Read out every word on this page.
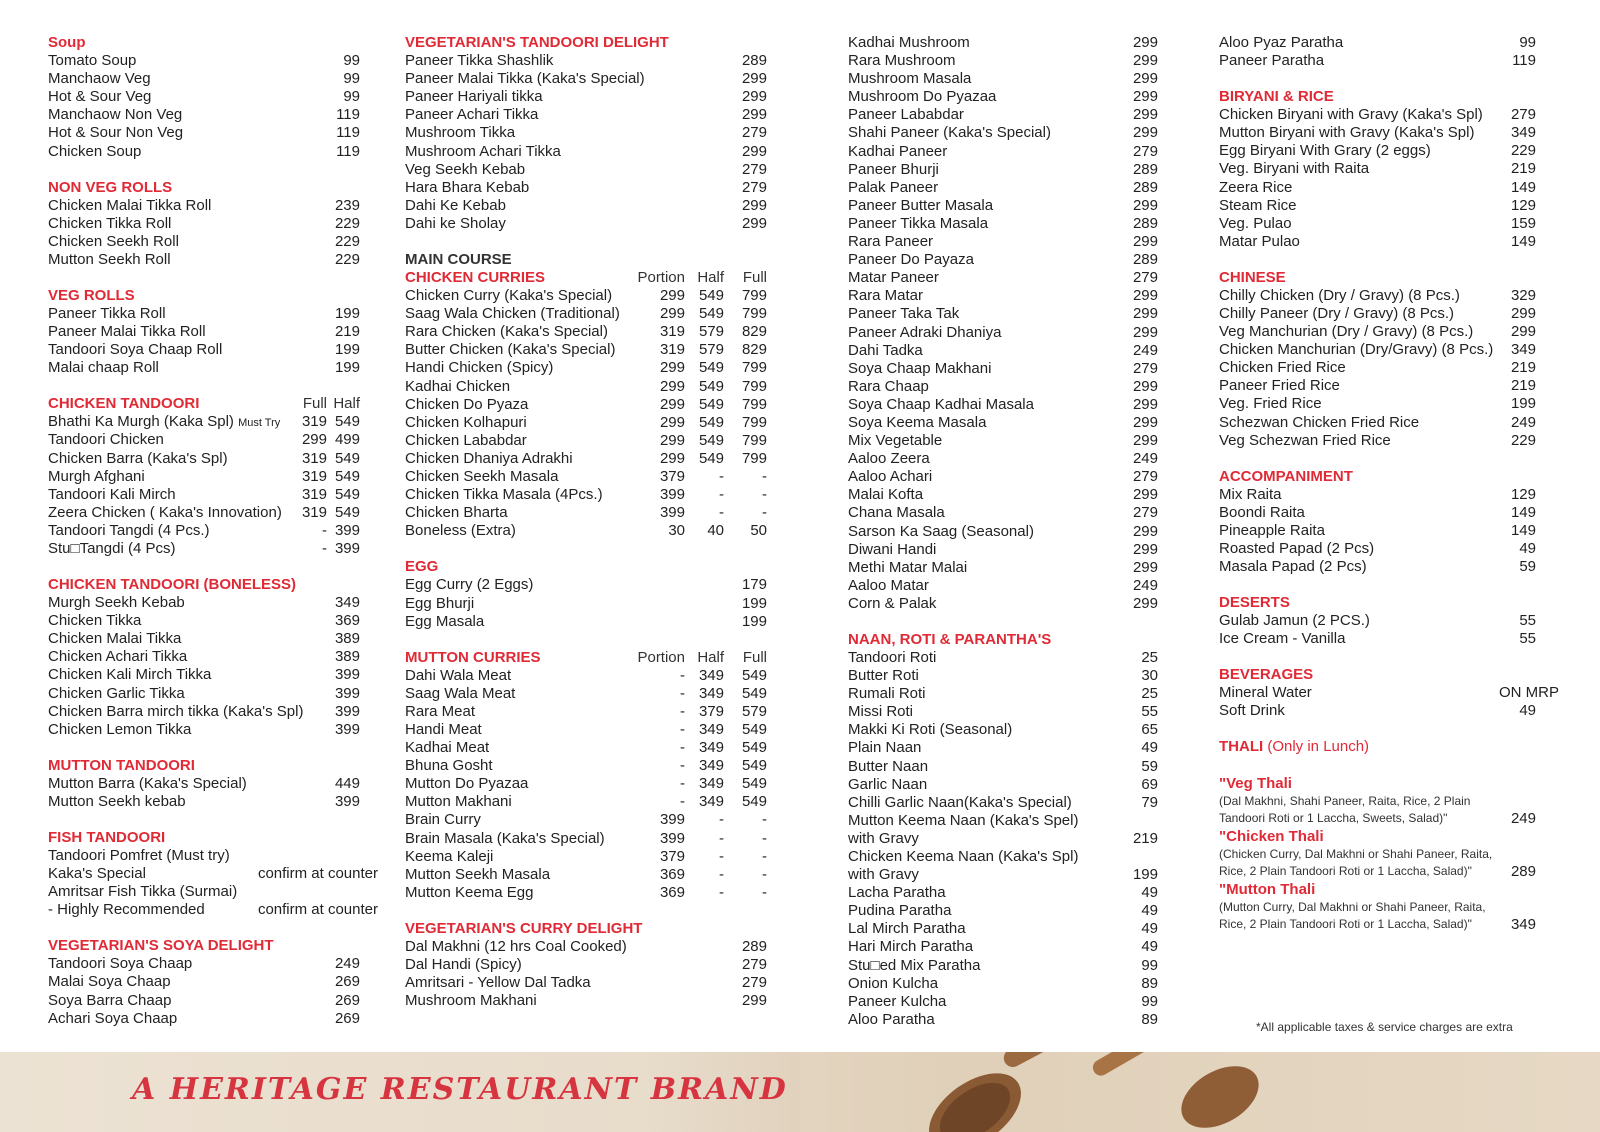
Soup
Tomato Soup	99
Manchaow Veg	99
Hot & Sour Veg	99
Manchaow Non Veg	119
Hot & Sour Non Veg	119
Chicken Soup	119
NON VEG ROLLS
Chicken Malai Tikka Roll	239
Chicken Tikka Roll	229
Chicken Seekh Roll	229
Mutton Seekh Roll	229
VEG ROLLS
Paneer Tikka Roll	199
Paneer Malai Tikka Roll	219
Tandoori Soya Chaap Roll	199
Malai chaap Roll	199
CHICKEN TANDOORI	Full Half
Bhathi Ka Murgh (Kaka Spl) Must Try 319 549
Tandoori Chicken	299 499
Chicken Barra (Kaka's Spl)	319 549
Murgh Afghani	319 549
Tandoori Kali Mirch	319 549
Zeera Chicken ( Kaka's Innovation) 319 549
Tandoori Tangdi (4 Pcs.)	- 399
Stu□Tangdi (4 Pcs)	- 399
CHICKEN TANDOORI (BONELESS)
Murgh Seekh Kebab	349
Chicken Tikka	369
Chicken Malai Tikka	389
Chicken Achari Tikka	389
Chicken Kali Mirch Tikka	399
Chicken Garlic Tikka	399
Chicken Barra mirch tikka (Kaka's Spl) 399
Chicken Lemon Tikka	399
MUTTON TANDOORI
Mutton Barra (Kaka's Special)	449
Mutton Seekh kebab	399
FISH TANDOORI
Tandoori Pomfret (Must try)
Kaka's Special	confirm at counter
Amritsar Fish Tikka (Surmai)
- Highly Recommended	confirm at counter
VEGETARIAN'S SOYA DELIGHT
Tandoori Soya Chaap	249
Malai Soya Chaap	269
Soya Barra Chaap	269
Achari Soya Chaap	269
VEGETARIAN'S TANDOORI DELIGHT
Paneer Tikka Shashlik	289
Paneer Malai Tikka (Kaka's Special)	299
Paneer Hariyali tikka	299
Paneer Achari Tikka	299
Mushroom Tikka	279
Mushroom Achari Tikka	299
Veg Seekh Kebab	279
Hara Bhara Kebab	279
Dahi Ke Kebab	299
Dahi ke Sholay	299
MAIN COURSE
CHICKEN CURRIES	Portion Half Full
Chicken Curry (Kaka's Special)	299 549 799
Saag Wala Chicken (Traditional)	299 549 799
Rara Chicken (Kaka's Special)	319 579 829
Butter Chicken (Kaka's Special)	319 579 829
Handi Chicken (Spicy)	299 549 799
Kadhai Chicken	299 549 799
Chicken Do Pyaza	299 549 799
Chicken Kolhapuri	299 549 799
Chicken Lababdar	299 549 799
Chicken Dhaniya Adrakhi	299 549 799
Chicken Seekh Masala	379 -	-
Chicken Tikka Masala (4Pcs.)	399 -	-
Chicken Bharta	399 -	-
Boneless (Extra)	30 40 50
EGG
Egg Curry (2 Eggs)	179
Egg Bhurji	199
Egg Masala	199
MUTTON CURRIES	Portion Half Full
Dahi Wala Meat	- 349 549
Saag Wala Meat	- 349 549
Rara Meat	- 379 579
Handi Meat	- 349 549
Kadhai Meat	- 349 549
Bhuna Gosht	- 349 549
Mutton Do Pyazaa	- 349 549
Mutton Makhani	- 349 549
Brain Curry	399 -	-
Brain Masala (Kaka's Special)	399 -	-
Keema Kaleji	379 -	-
Mutton Seekh Masala	369 -	-
Mutton Keema Egg	369 -	-
VEGETARIAN'S CURRY DELIGHT
Dal Makhni (12 hrs Coal Cooked)	289
Dal Handi (Spicy)	279
Amritsari - Yellow Dal Tadka	279
Mushroom Makhani	299
Kadhai Mushroom	299
Rara Mushroom	299
Mushroom Masala	299
Mushroom Do Pyazaa	299
Paneer Lababdar	299
Shahi Paneer (Kaka's Special)	299
Kadhai Paneer	279
Paneer Bhurji	289
Palak Paneer	289
Paneer Butter Masala	299
Paneer Tikka Masala	289
Rara Paneer	299
Paneer Do Payaza	289
Matar Paneer	279
Rara Matar	299
Paneer Taka Tak	299
Paneer Adraki Dhaniya	299
Dahi Tadka	249
Soya Chaap Makhani	279
Rara Chaap	299
Soya Chaap Kadhai Masala	299
Soya Keema Masala	299
Mix Vegetable	299
Aaloo Zeera	249
Aaloo Achari	279
Malai Kofta	299
Chana Masala	279
Sarson Ka Saag (Seasonal)	299
Diwani Handi	299
Methi Matar Malai	299
Aaloo Matar	249
Corn & Palak	299
NAAN, ROTI & PARANTHA'S
Tandoori Roti	25
Butter Roti	30
Rumali Roti	25
Missi Roti	55
Makki Ki Roti (Seasonal)	65
Plain Naan	49
Butter Naan	59
Garlic Naan	69
Chilli Garlic Naan(Kaka's Special)	79
Mutton Keema Naan (Kaka's Spel)
with Gravy	219
Chicken Keema Naan (Kaka's Spl)
with Gravy	199
Lacha Paratha	49
Pudina Paratha	49
Lal Mirch Paratha	49
Hari Mirch Paratha	49
Stu□ed Mix Paratha	99
Onion Kulcha	89
Paneer Kulcha	99
Aloo Paratha	89
Aloo Pyaz Paratha	99
Paneer Paratha	119
BIRYANI & RICE
Chicken Biryani with Gravy (Kaka's Spl) 279
Mutton Biryani with Gravy (Kaka's Spl) 349
Egg Biryani With Grary (2 eggs)	229
Veg. Biryani with Raita	219
Zeera Rice	149
Steam Rice	129
Veg. Pulao	159
Matar Pulao	149
CHINESE
Chilly Chicken (Dry / Gravy) (8 Pcs.)	329
Chilly Paneer (Dry / Gravy) (8 Pcs.)	299
Veg Manchurian (Dry / Gravy) (8 Pcs.)	299
Chicken Manchurian (Dry/Gravy) (8 Pcs.) 349
Chicken Fried Rice	219
Paneer Fried Rice	219
Veg. Fried Rice	199
Schezwan Chicken Fried Rice	249
Veg Schezwan Fried Rice	229
ACCOMPANIMENT
Mix Raita	129
Boondi Raita	149
Pineapple Raita	149
Roasted Papad (2 Pcs)	49
Masala Papad (2 Pcs)	59
DESERTS
Gulab Jamun (2 PCS.)	55
Ice Cream - Vanilla	55
BEVERAGES
Mineral Water	ON MRP
Soft Drink	49
THALI (Only in Lunch)
"Veg Thali
(Dal Makhni, Shahi Paneer, Raita, Rice, 2 Plain Tandoori Roti or 1 Laccha, Sweets, Salad)"	249
"Chicken Thali
(Chicken Curry, Dal Makhni or Shahi Paneer, Raita, Rice, 2 Plain Tandoori Roti or 1 Laccha, Salad)"	289
"Mutton Thali
(Mutton Curry, Dal Makhni or Shahi Paneer, Raita, Rice, 2 Plain Tandoori Roti or 1 Laccha, Salad)"	349
*All applicable taxes & service charges are extra
A HERITAGE RESTAURANT BRAND
